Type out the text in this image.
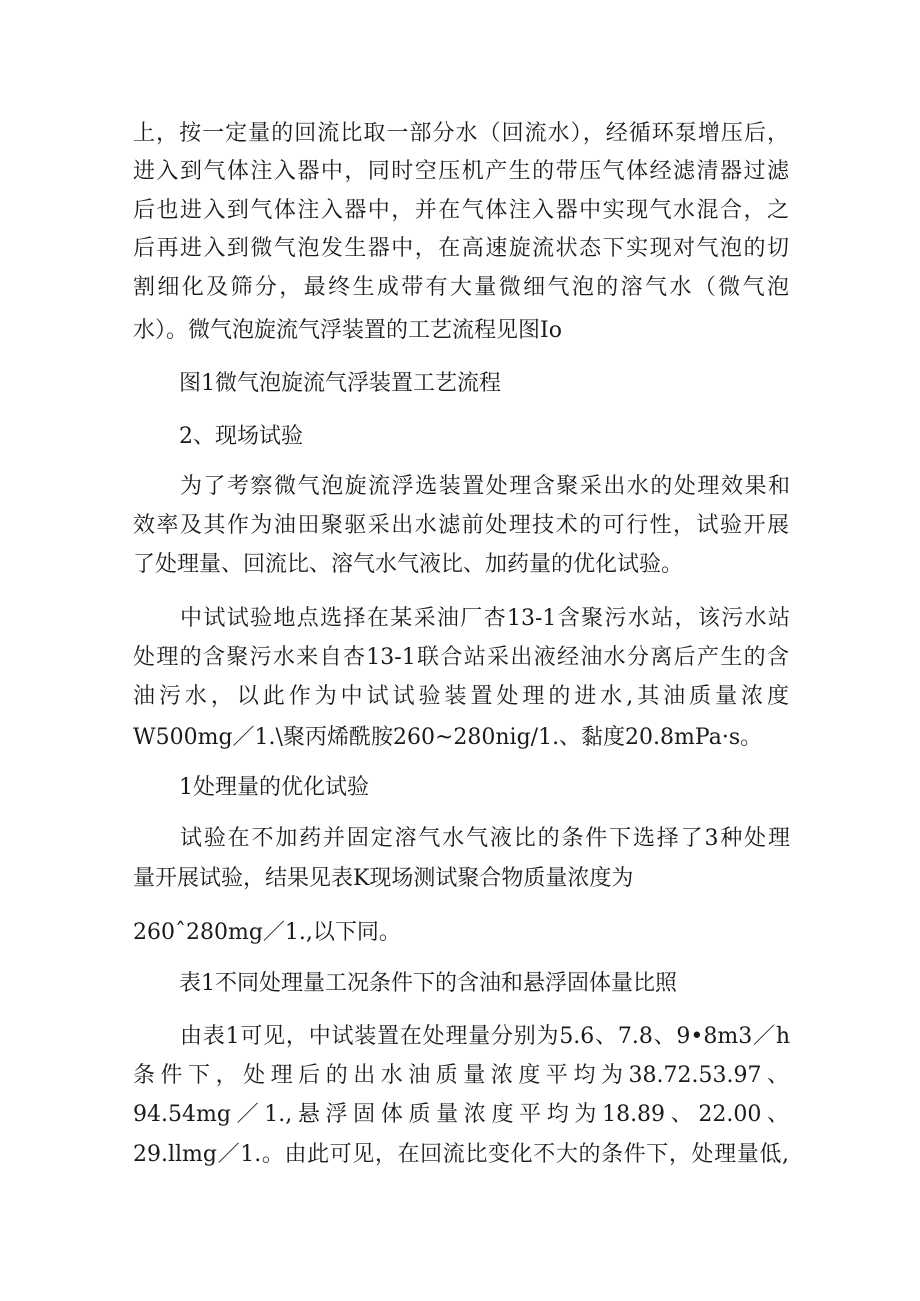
上，按一定量的回流比取一部分水（回流水），经循环泵增压后，
进入到气体注入器中，同时空压机产生的带压气体经滤清器过滤
后也进入到气体注入器中，并在气体注入器中实现气水混合，之
后再进入到微气泡发生器中，在高速旋流状态下实现对气泡的切
割细化及筛分，最终生成带有大量微细气泡的溶气水（微气泡
水）。微气泡旋流气浮装置的工艺流程见图Io
图1微气泡旋流气浮装置工艺流程
2、现场试验
为了考察微气泡旋流浮选装置处理含聚采出水的处理效果和
效率及其作为油田聚驱采出水滤前处理技术的可行性，试验开展
了处理量、回流比、溶气水气液比、加药量的优化试验。
中试试验地点选择在某采油厂杏13-1含聚污水站，该污水站
处理的含聚污水来自杏13-1联合站采出液经油水分离后产生的含
油污水，以此作为中试试验装置处理的进水,其油质量浓度
W500mg／1.\聚丙烯酰胺260~280nig/1.、黏度20.8mPa·s。
1处理量的优化试验
试验在不加药并固定溶气水气液比的条件下选择了3种处理
量开展试验，结果见表K现场测试聚合物质量浓度为
260ˆ280mg／1.,以下同。
表1不同处理量工况条件下的含油和悬浮固体量比照
由表1可见，中试装置在处理量分别为5.6、7.8、9•8m3／h
条件下，处理后的出水油质量浓度平均为38.72.53.97、
94.54mg／1.,悬浮固体质量浓度平均为18.89、22.00、
29.llmg／1.。由此可见，在回流比变化不大的条件下，处理量低,
